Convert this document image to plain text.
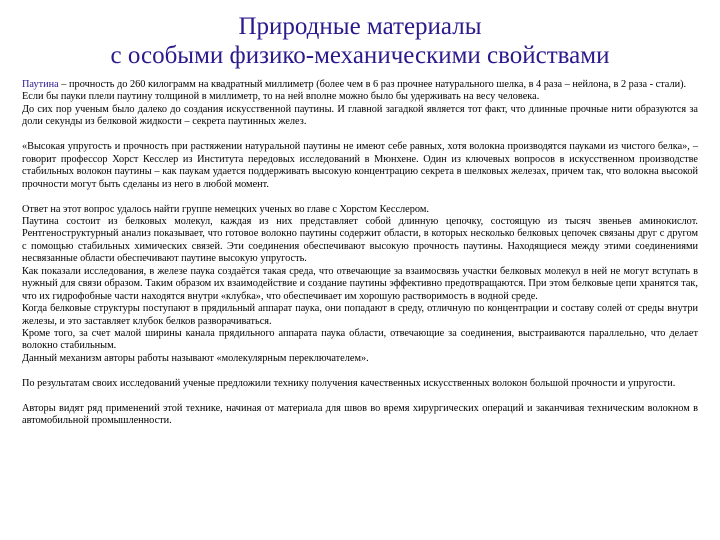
Природные материалы
с особыми физико-механическими свойствами

Паутина – прочность до 260 килограмм на квадратный миллиметр (более чем в 6 раз прочнее натурального шелка, в 4 раза – нейлона, в 2 раза - стали).

Если бы пауки плели паутину толщиной в миллиметр, то на ней вполне можно было бы удерживать на весу человека.

До сих пор ученым было далеко до создания искусственной паутины. И главной загадкой является тот факт, что длинные прочные нити образуются за доли секунды из белковой жидкости – секрета паутинных желез.

«Высокая упругость и прочность при растяжении натуральной паутины не имеют себе равных, хотя волокна производятся пауками из чистого белка», – говорит профессор Хорст Кесслер из Института передовых исследований в Мюнхене. Один из ключевых вопросов в искусственном производстве стабильных волокон паутины – как паукам удается поддерживать высокую концентрацию секрета в шелковых железах, причем так, что волокна высокой прочности могут быть сделаны из него в любой момент.

Ответ на этот вопрос удалось найти группе немецких ученых во главе с Хорстом Кесслером.

Паутина состоит из белковых молекул, каждая из них представляет собой длинную цепочку, состоящую из тысяч звеньев аминокислот. Рентгеноструктурный анализ показывает, что готовое волокно паутины содержит области, в которых несколько белковых цепочек связаны друг с другом с помощью стабильных химических связей. Эти соединения обеспечивают высокую прочность паутины. Находящиеся между этими соединениями несвязанные области обеспечивают паутине высокую упругость.

Как показали исследования, в железе паука создаётся такая среда, что отвечающие за взаимосвязь участки белковых молекул в ней не могут вступать в нужный для связи образом. Таким образом их взаимодействие и создание паутины эффективно предотвращаются. При этом белковые цепи хранятся так, что их гидрофобные части находятся внутри «клубка», что обеспечивает им хорошую растворимость в водной среде.

Когда белковые структуры поступают в прядильный аппарат паука, они попадают в среду, отличную по концентрации и составу солей от среды внутри железы, и это заставляет клубок белков разворачиваться.

Кроме того, за счет малой ширины канала прядильного аппарата паука области, отвечающие за соединения, выстраиваются параллельно, что делает волокно стабильным.

Данный механизм авторы работы называют «молекулярным переключателем».

По результатам своих исследований ученые предложили технику получения качественных искусственных волокон большой прочности и упругости.

Авторы видят ряд применений этой технике, начиная от материала для швов во время хирургических операций и заканчивая техническим волокном в автомобильной промышленности.
